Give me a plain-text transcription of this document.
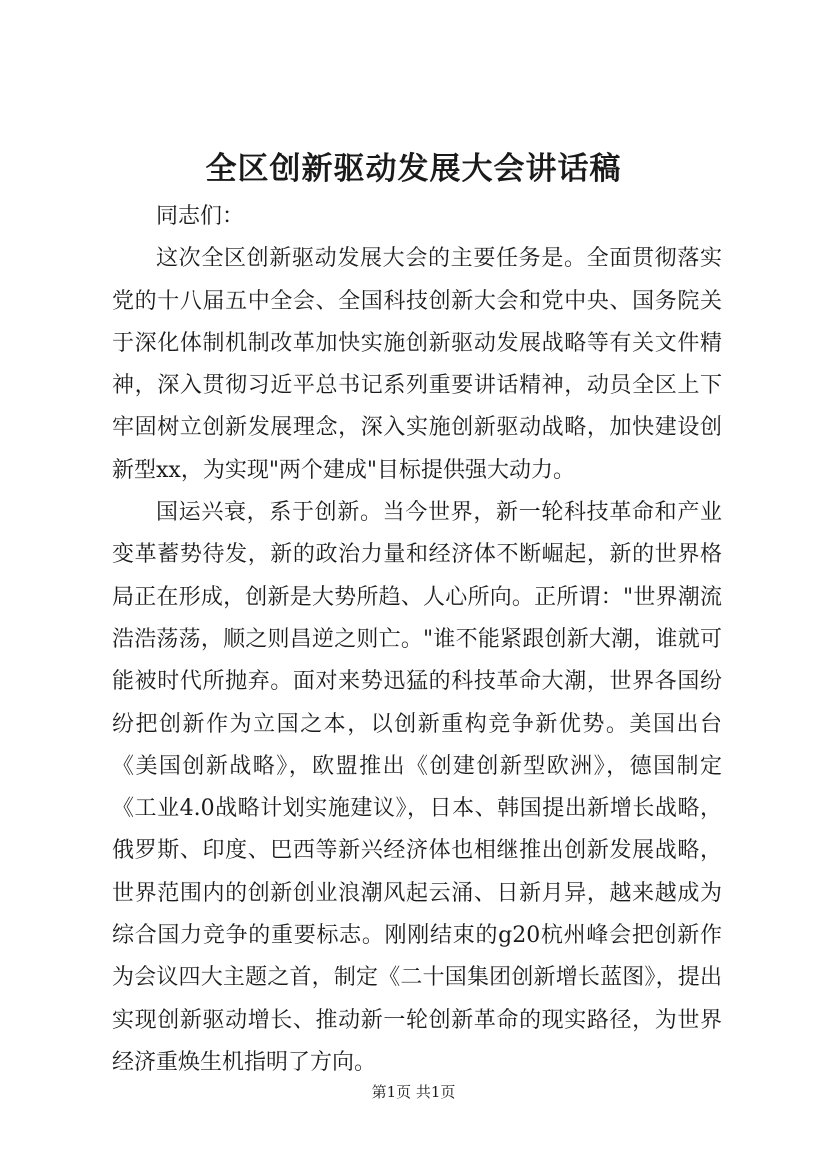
全区创新驱动发展大会讲话稿

同志们：

这次全区创新驱动发展大会的主要任务是。全面贯彻落实党的十八届五中全会、全国科技创新大会和党中央、国务院关于深化体制机制改革加快实施创新驱动发展战略等有关文件精神，深入贯彻习近平总书记系列重要讲话精神，动员全区上下牢固树立创新发展理念，深入实施创新驱动战略，加快建设创新型xx，为实现"两个建成"目标提供强大动力。

国运兴衰，系于创新。当今世界，新一轮科技革命和产业变革蓄势待发，新的政治力量和经济体不断崛起，新的世界格局正在形成，创新是大势所趋、人心所向。正所谓："世界潮流浩浩荡荡，顺之则昌逆之则亡。"谁不能紧跟创新大潮，谁就可能被时代所抛弃。面对来势迅猛的科技革命大潮，世界各国纷纷把创新作为立国之本，以创新重构竞争新优势。美国出台《美国创新战略》，欧盟推出《创建创新型欧洲》，德国制定《工业4.0战略计划实施建议》，日本、韩国提出新增长战略，俄罗斯、印度、巴西等新兴经济体也相继推出创新发展战略，世界范围内的创新创业浪潮风起云涌、日新月异，越来越成为综合国力竞争的重要标志。刚刚结束的g20杭州峰会把创新作为会议四大主题之首，制定《二十国集团创新增长蓝图》，提出实现创新驱动增长、推动新一轮创新革命的现实路径，为世界经济重焕生机指明了方向。

第1页 共1页
